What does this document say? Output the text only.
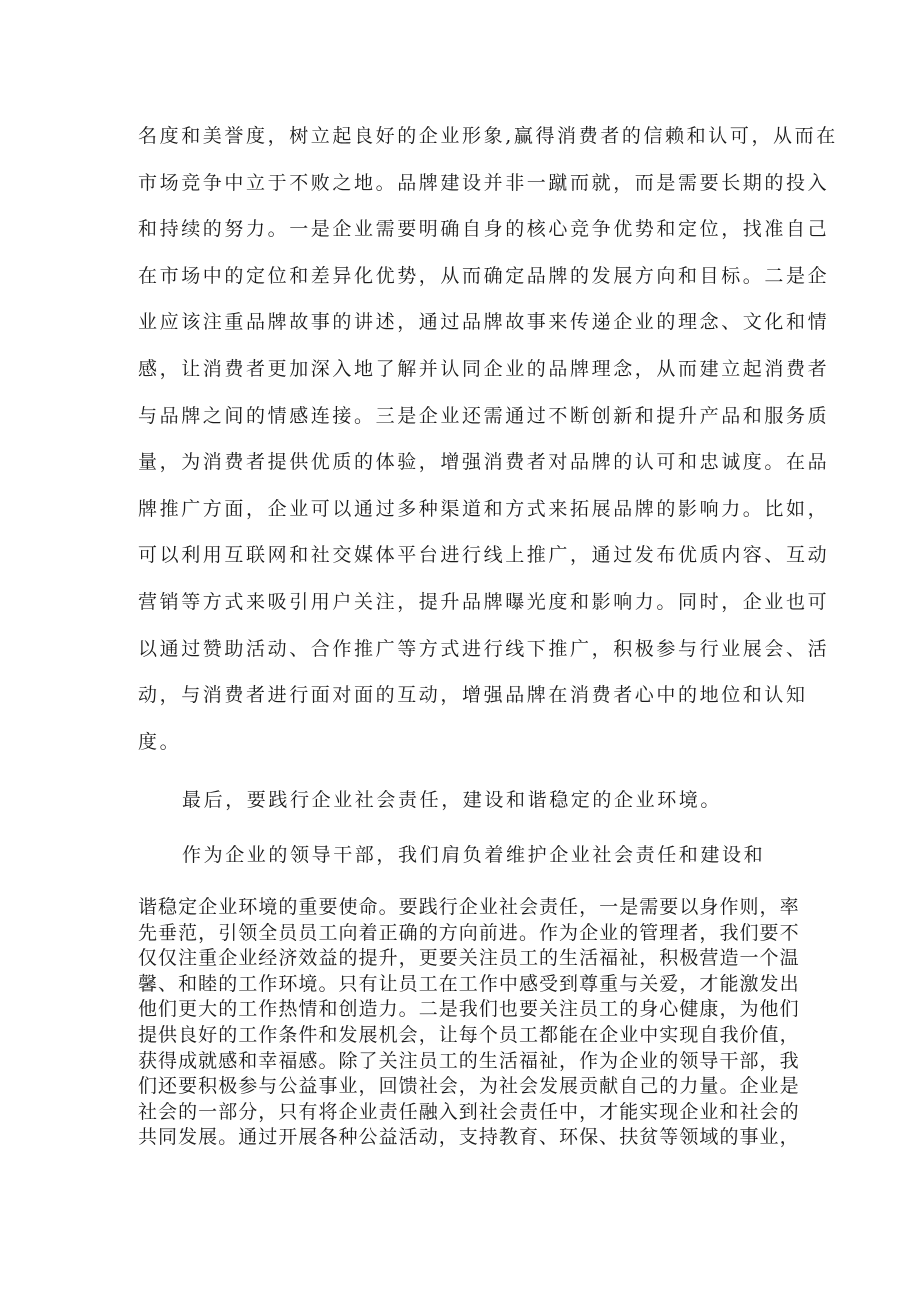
名度和美誉度，树立起良好的企业形象,赢得消费者的信赖和认可，从而在
市场竞争中立于不败之地。品牌建设并非一蹴而就，而是需要长期的投入
和持续的努力。一是企业需要明确自身的核心竞争优势和定位，找准自己
在市场中的定位和差异化优势，从而确定品牌的发展方向和目标。二是企
业应该注重品牌故事的讲述，通过品牌故事来传递企业的理念、文化和情
感，让消费者更加深入地了解并认同企业的品牌理念，从而建立起消费者
与品牌之间的情感连接。三是企业还需通过不断创新和提升产品和服务质
量，为消费者提供优质的体验，增强消费者对品牌的认可和忠诚度。在品
牌推广方面，企业可以通过多种渠道和方式来拓展品牌的影响力。比如，
可以利用互联网和社交媒体平台进行线上推广，通过发布优质内容、互动
营销等方式来吸引用户关注，提升品牌曝光度和影响力。同时，企业也可
以通过赞助活动、合作推广等方式进行线下推广，积极参与行业展会、活
动，与消费者进行面对面的互动，增强品牌在消费者心中的地位和认知
度。

最后，要践行企业社会责任，建设和谐稳定的企业环境。

作为企业的领导干部，我们肩负着维护企业社会责任和建设和

谐稳定企业环境的重要使命。要践行企业社会责任，一是需要以身作则，率
先垂范，引领全员员工向着正确的方向前进。作为企业的管理者，我们要不
仅仅注重企业经济效益的提升，更要关注员工的生活福祉，积极营造一个温
馨、和睦的工作环境。只有让员工在工作中感受到尊重与关爱，才能激发出
他们更大的工作热情和创造力。二是我们也要关注员工的身心健康，为他们
提供良好的工作条件和发展机会，让每个员工都能在企业中实现自我价值，
获得成就感和幸福感。除了关注员工的生活福祉，作为企业的领导干部，我
们还要积极参与公益事业，回馈社会，为社会发展贡献自己的力量。企业是
社会的一部分，只有将企业责任融入到社会责任中，才能实现企业和社会的
共同发展。通过开展各种公益活动，支持教育、环保、扶贫等领域的事业，
